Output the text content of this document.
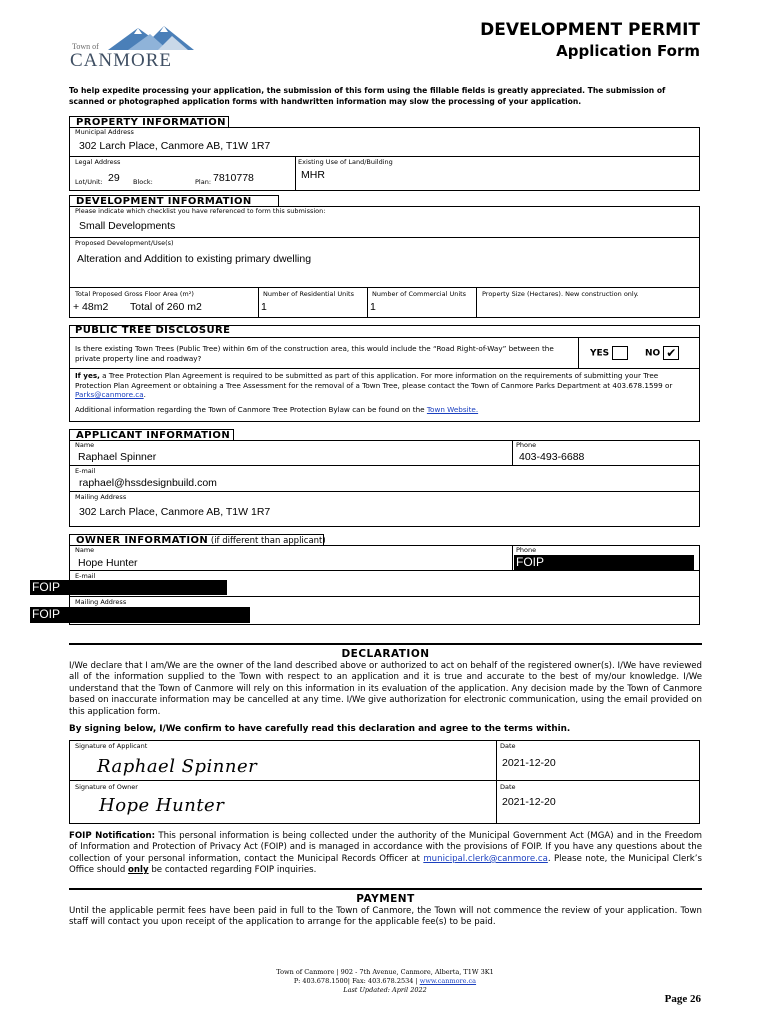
Town of
CANMORE
DEVELOPMENT PERMIT
Application Form
To help expedite processing your application, the submission of this form using the fillable fields is greatly appreciated. The submission of scanned or photographed application forms with handwritten information may slow the processing of your application.
PROPERTY INFORMATION
Municipal Address
302 Larch Place, Canmore AB, T1W 1R7
Legal Address
Lot/Unit: 29 Block:	Plan: 7810778
Existing Use of Land/Building
MHR
DEVELOPMENT INFORMATION
Please indicate which checklist you have referenced to form this submission:
Small Developments
Proposed Development/Use(s)
Alteration and Addition to existing primary dwelling
Total Proposed Gross Floor Area (m²)
+ 48m2 Total of 260 m2
Number of Residential Units
1
Number of Commercial Units
1
Property Size (Hectares). New construction only.
PUBLIC TREE DISCLOSURE
Is there existing Town Trees (Public Tree) within 6m of the construction area, this would include the “Road Right-of-Way” between the private property line and roadway?	YES	NO ✔
If yes, a Tree Protection Plan Agreement is required to be submitted as part of this application. For more information on the requirements of submitting your Tree Protection Plan Agreement or obtaining a Tree Assessment for the removal of a Town Tree, please contact the Town of Canmore Parks Department at 403.678.1599 or Parks@canmore.ca.
Additional information regarding the Town of Canmore Tree Protection Bylaw can be found on the Town Website.
APPLICANT INFORMATION
Name
Raphael Spinner
Phone
403-493-6688
E-mail
raphael@hssdesignbuild.com
Mailing Address
302 Larch Place, Canmore AB, T1W 1R7
OWNER INFORMATION (if different than applicant)
Name
Hope Hunter
Phone
FOIP
E-mail
FOIP
Mailing Address
FOIP
DECLARATION
I/We declare that I am/We are the owner of the land described above or authorized to act on behalf of the registered owner(s). I/We have reviewed all of the information supplied to the Town with respect to an application and it is true and accurate to the best of my/our knowledge. I/We understand that the Town of Canmore will rely on this information in its evaluation of the application. Any decision made by the Town of Canmore based on inaccurate information may be cancelled at any time. I/We give authorization for electronic communication, using the email provided on this application form.
By signing below, I/We confirm to have carefully read this declaration and agree to the terms within.
Signature of Applicant
Raphael Spinner
Date
2021-12-20
Signature of Owner
Hope Hunter
Date
2021-12-20
FOIP Notification: This personal information is being collected under the authority of the Municipal Government Act (MGA) and in the Freedom of Information and Protection of Privacy Act (FOIP) and is managed in accordance with the provisions of FOIP. If you have any questions about the collection of your personal information, contact the Municipal Records Officer at municipal.clerk@canmore.ca. Please note, the Municipal Clerk’s Office should only be contacted regarding FOIP inquiries.
PAYMENT
Until the applicable permit fees have been paid in full to the Town of Canmore, the Town will not commence the review of your application. Town staff will contact you upon receipt of the application to arrange for the applicable fee(s) to be paid.
Town of Canmore | 902 - 7th Avenue, Canmore, Alberta, T1W 3K1
P: 403.678.1500| Fax: 403.678.2534 | www.canmore.ca
Last Updated: April 2022
Page 26
